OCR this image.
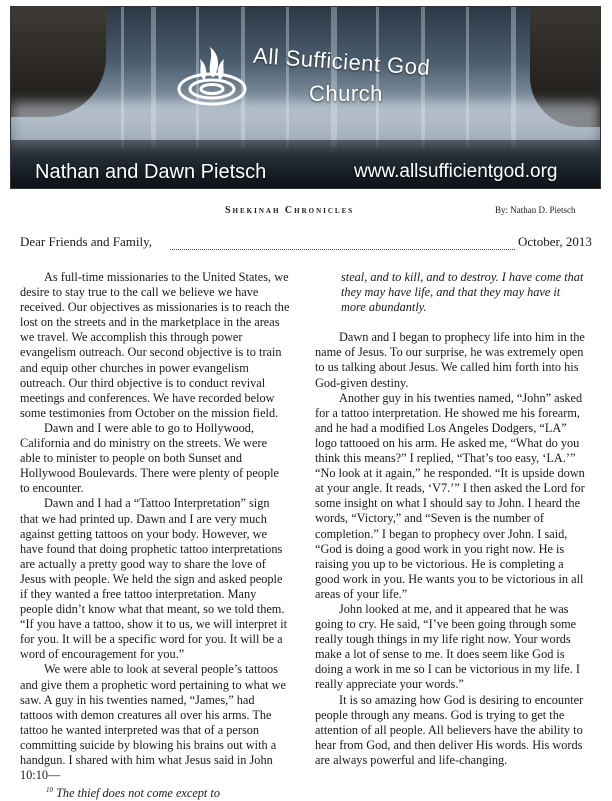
All Sufficient God
Church
Nathan and Dawn Pietsch	www.allsufficientgod.org
Shekinah Chronicles	By: Nathan D. Pietsch
Dear Friends and Family,	October, 2013

As full-time missionaries to the United States, we desire to stay true to the call we believe we have received. Our objectives as missionaries is to reach the lost on the streets and in the marketplace in the areas we travel. We accomplish this through power evangelism outreach. Our second objective is to train and equip other churches in power evangelism outreach. Our third objective is to conduct revival meetings and conferences. We have recorded below some testimonies from October on the mission field.

Dawn and I were able to go to Hollywood, California and do ministry on the streets. We were able to minister to people on both Sunset and Hollywood Boulevards. There were plenty of people to encounter.

Dawn and I had a “Tattoo Interpretation” sign that we had printed up. Dawn and I are very much against getting tattoos on your body. However, we have found that doing prophetic tattoo interpretations are actually a pretty good way to share the love of Jesus with people. We held the sign and asked people if they wanted a free tattoo interpretation. Many people didn’t know what that meant, so we told them. “If you have a tattoo, show it to us, we will interpret it for you. It will be a specific word for you. It will be a word of encouragement for you.”

We were able to look at several people’s tattoos and give them a prophetic word pertaining to what we saw. A guy in his twenties named, “James,” had tattoos with demon creatures all over his arms. The tattoo he wanted interpreted was that of a person committing suicide by blowing his brains out with a handgun. I shared with him what Jesus said in John 10:10—

$^{10}$ The thief does not come except to

steal, and to kill, and to destroy. I have come that they may have life, and that they may have it more abundantly.

Dawn and I began to prophecy life into him in the name of Jesus. To our surprise, he was extremely open to us talking about Jesus. We called him forth into his God-given destiny.

Another guy in his twenties named, “John” asked for a tattoo interpretation. He showed me his forearm, and he had a modified Los Angeles Dodgers, “LA” logo tattooed on his arm. He asked me, “What do you think this means?” I replied, “That’s too easy, ‘LA.’” “No look at it again,” he responded. “It is upside down at your angle. It reads, ‘V7.’” I then asked the Lord for some insight on what I should say to John. I heard the words, “Victory,” and “Seven is the number of completion.” I began to prophecy over John. I said, “God is doing a good work in you right now. He is raising you up to be victorious. He is completing a good work in you. He wants you to be victorious in all areas of your life.”

John looked at me, and it appeared that he was going to cry. He said, “I’ve been going through some really tough things in my life right now. Your words make a lot of sense to me. It does seem like God is doing a work in me so I can be victorious in my life. I really appreciate your words.”

It is so amazing how God is desiring to encounter people through any means. God is trying to get the attention of all people. All believers have the ability to hear from God, and then deliver His words. His words are always powerful and life-changing.
